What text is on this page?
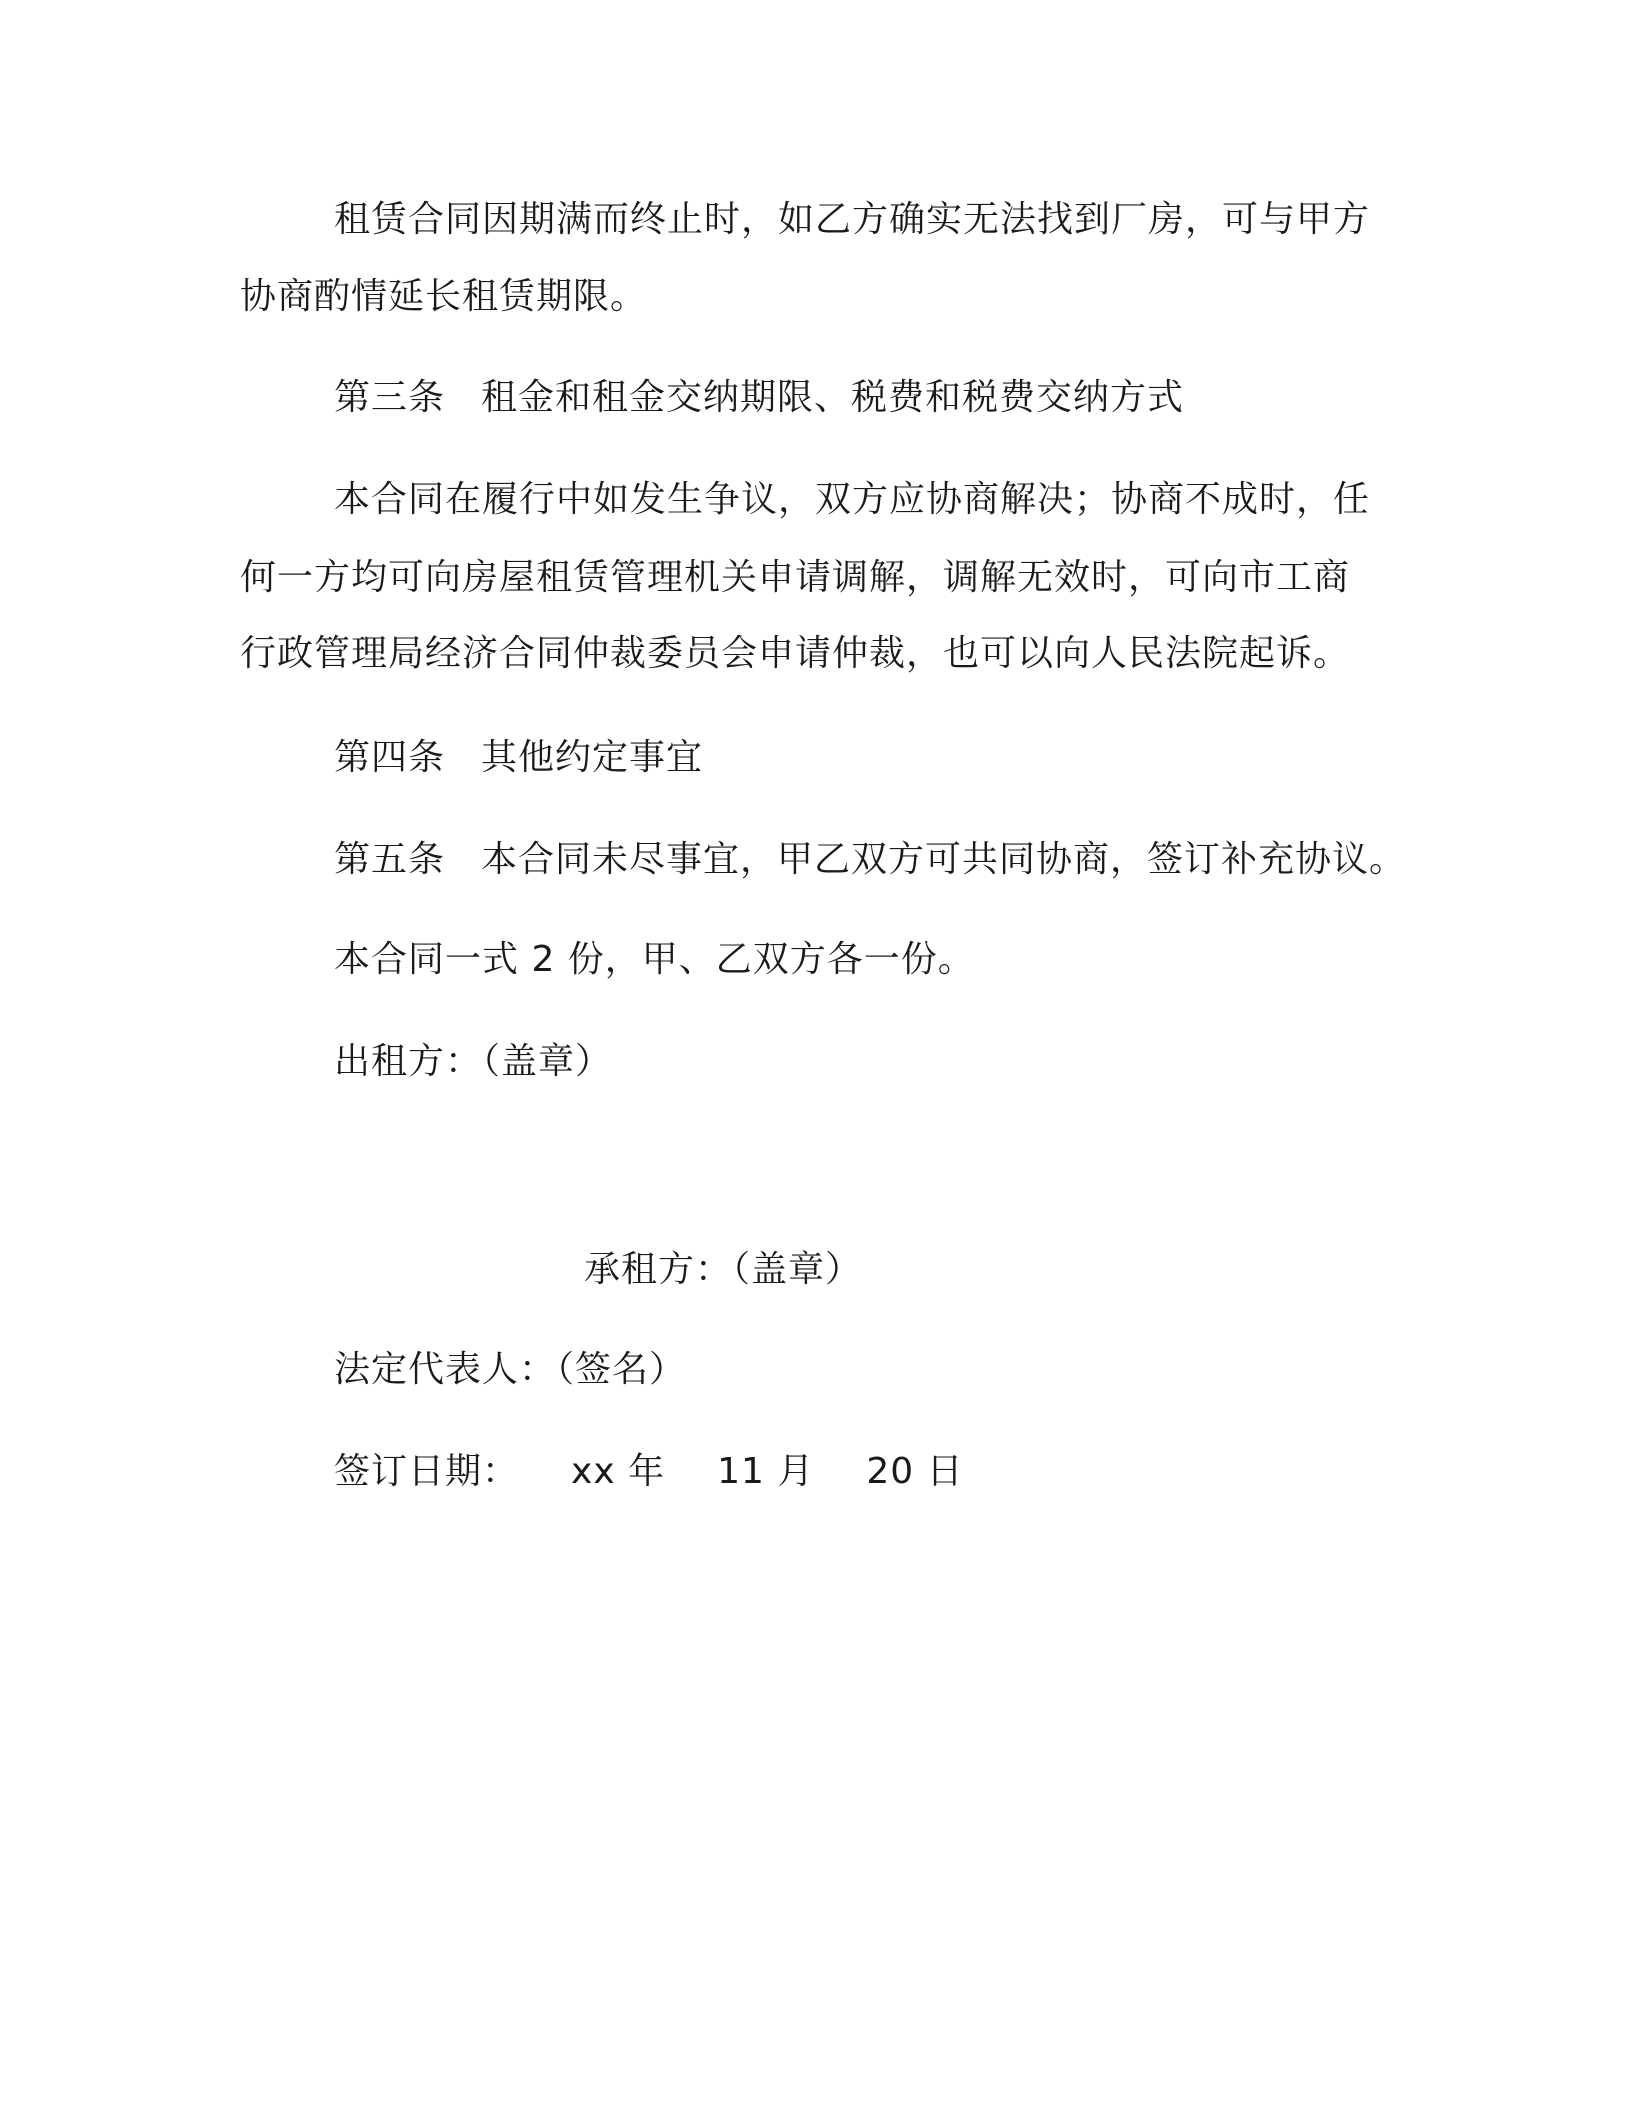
租赁合同因期满而终止时，如乙方确实无法找到厂房，可与甲方
协商酌情延长租赁期限。
第三条 租金和租金交纳期限、税费和税费交纳方式
本合同在履行中如发生争议，双方应协商解决；协商不成时，任
何一方均可向房屋租赁管理机关申请调解，调解无效时，可向市工商
行政管理局经济合同仲裁委员会申请仲裁，也可以向人民法院起诉。
第四条 其他约定事宜
第五条 本合同未尽事宜，甲乙双方可共同协商，签订补充协议。
本合同一式 2 份，甲、乙双方各一份。
出租方：（盖章）
承租方：（盖章）
法定代表人：（签名）
签订日期： xx 年 11 月 20 日
